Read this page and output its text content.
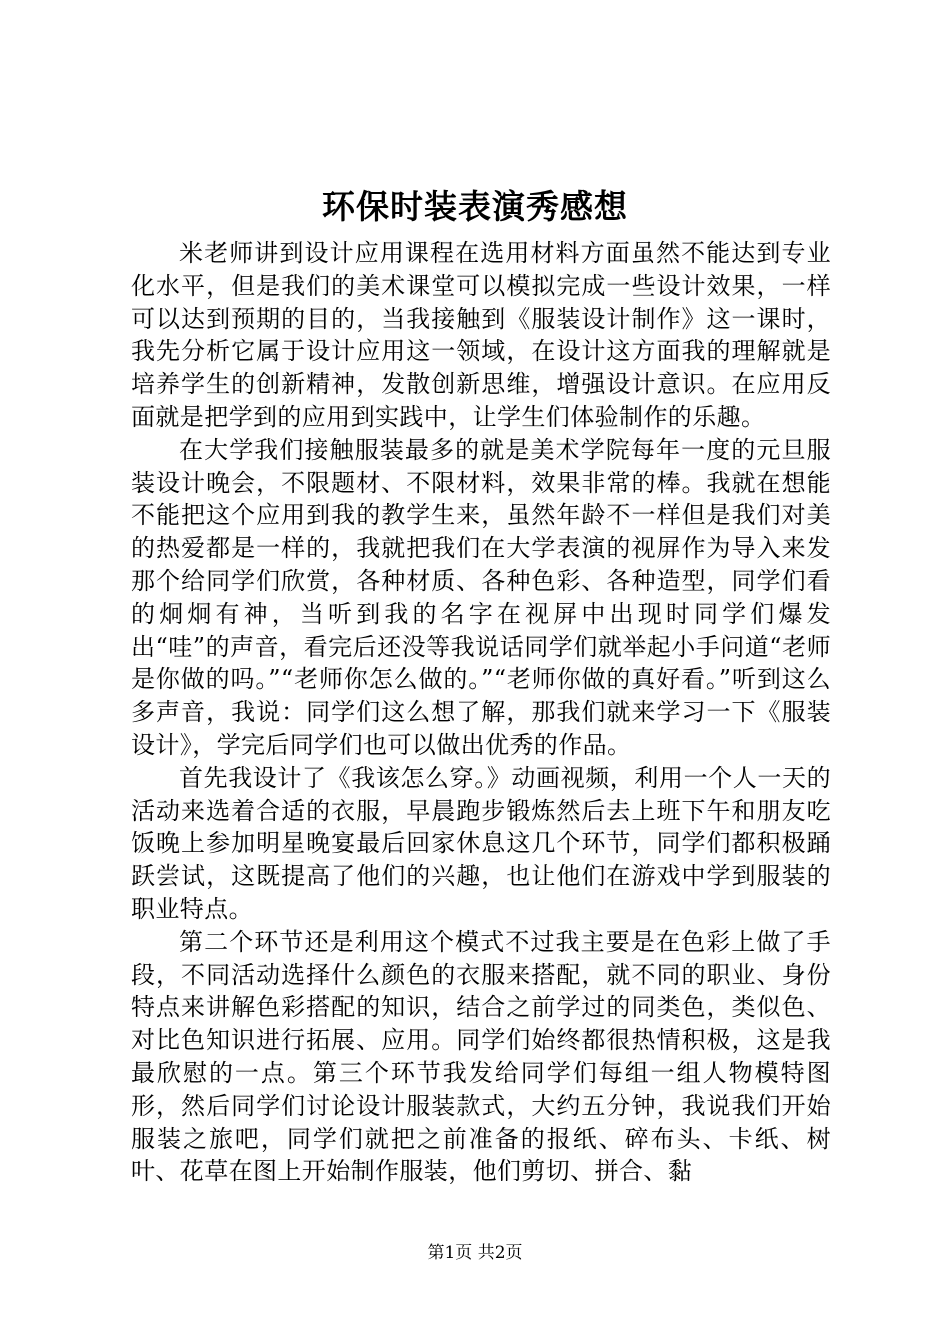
环保时装表演秀感想

米老师讲到设计应用课程在选用材料方面虽然不能达到专业化水平，但是我们的美术课堂可以模拟完成一些设计效果，一样可以达到预期的目的，当我接触到《服装设计制作》这一课时，我先分析它属于设计应用这一领域，在设计这方面我的理解就是培养学生的创新精神，发散创新思维，增强设计意识。在应用反面就是把学到的应用到实践中，让学生们体验制作的乐趣。

在大学我们接触服装最多的就是美术学院每年一度的元旦服装设计晚会，不限题材、不限材料，效果非常的棒。我就在想能不能把这个应用到我的教学生来，虽然年龄不一样但是我们对美的热爱都是一样的，我就把我们在大学表演的视屏作为导入来发那个给同学们欣赏，各种材质、各种色彩、各种造型，同学们看的炯炯有神，当听到我的名字在视屏中出现时同学们爆发出“哇”的声音，看完后还没等我说话同学们就举起小手问道“老师是你做的吗。”“老师你怎么做的。”“老师你做的真好看。”听到这么多声音，我说：同学们这么想了解，那我们就来学习一下《服装设计》，学完后同学们也可以做出优秀的作品。

首先我设计了《我该怎么穿。》动画视频，利用一个人一天的活动来选着合适的衣服，早晨跑步锻炼然后去上班下午和朋友吃饭晚上参加明星晚宴最后回家休息这几个环节，同学们都积极踊跃尝试，这既提高了他们的兴趣，也让他们在游戏中学到服装的职业特点。

第二个环节还是利用这个模式不过我主要是在色彩上做了手段，不同活动选择什么颜色的衣服来搭配，就不同的职业、身份特点来讲解色彩搭配的知识，结合之前学过的同类色，类似色、对比色知识进行拓展、应用。同学们始终都很热情积极，这是我最欣慰的一点。第三个环节我发给同学们每组一组人物模特图形，然后同学们讨论设计服装款式，大约五分钟，我说我们开始服装之旅吧，同学们就把之前准备的报纸、碎布头、卡纸、树叶、花草在图上开始制作服装，他们剪切、拼合、黏

第1页 共2页
